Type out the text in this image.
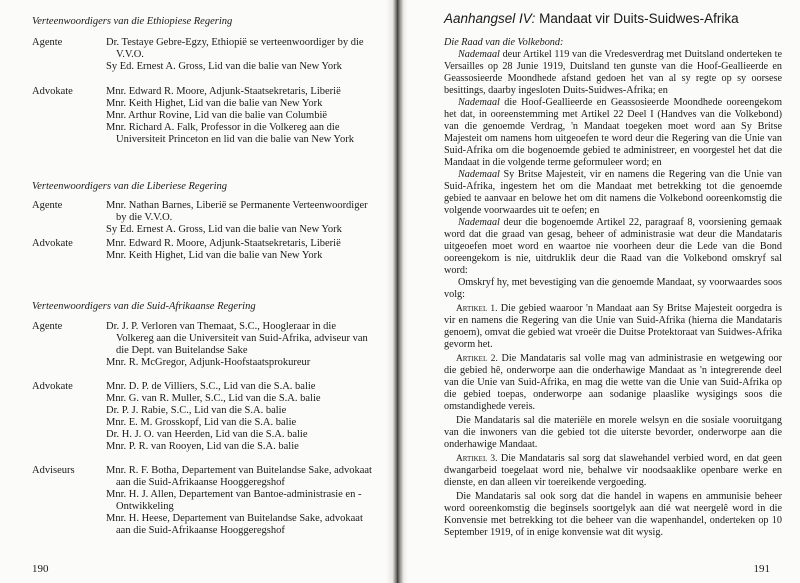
Verteenwoordigers van die Ethiopiese Regering
Agente	Dr. Testaye Gebre-Egzy, Ethiopië se verteenwoordiger by die V.V.O.
Sy Ed. Ernest A. Gross, Lid van die balie van New York
Advokate	Mnr. Edward R. Moore, Adjunk-Staatsekretaris, Liberië
Mnr. Keith Highet, Lid van die balie van New York
Mnr. Arthur Rovine, Lid van die balie van Columbië
Mnr. Richard A. Falk, Professor in die Volkereg aan die Universiteit Princeton en lid van die balie van New York
Verteenwoordigers van die Liberiese Regering
Agente	Mnr. Nathan Barnes, Liberië se Permanente Verteenwoordiger by die V.V.O.
Sy Ed. Ernest A. Gross, Lid van die balie van New York
Advokate	Mnr. Edward R. Moore, Adjunk-Staatsekretaris, Liberië
Mnr. Keith Highet, Lid van die balie van New York
Verteenwoordigers van die Suid-Afrikaanse Regering
Agente	Dr. J. P. Verloren van Themaat, S.C., Hoogleraar in die Volkereg aan die Universiteit van Suid-Afrika, adviseur van die Dept. van Buitelandse Sake
Mnr. R. McGregor, Adjunk-Hoofstaatsprokureur
Advokate	Mnr. D. P. de Villiers, S.C., Lid van die S.A. balie
Mnr. G. van R. Muller, S.C., Lid van die S.A. balie
Dr. P. J. Rabie, S.C., Lid van die S.A. balie
Mnr. E. M. Grosskopf, Lid van die S.A. balie
Dr. H. J. O. van Heerden, Lid van die S.A. balie
Mnr. P. R. van Rooyen, Lid van die S.A. balie
Adviseurs	Mnr. R. F. Botha, Departement van Buitelandse Sake, advokaat aan die Suid-Afrikaanse Hooggeregshof
Mnr. H. J. Allen, Departement van Bantoe-administrasie en -Ontwikkeling
Mnr. H. Heese, Departement van Buitelandse Sake, advokaat aan die Suid-Afrikaanse Hooggeregshof
190
Aanhangsel IV: Mandaat vir Duits-Suidwes-Afrika

Die Raad van die Volkebond:

Nademaal deur Artikel 119 van die Vredesverdrag met Duitsland onderteken te Versailles op 28 Junie 1919, Duitsland ten gunste van die Hoof-Geallieerde en Geassosieerde Moondhede afstand gedoen het van al sy regte op sy oorsese besittings, daarby ingesloten Duits-Suidwes-Afrika; en

Nademaal die Hoof-Geallieerde en Geassosieerde Moondhede ooreengekom het dat, in ooreenstemming met Artikel 22 Deel I (Handves van die Volkebond) van die genoemde Verdrag, 'n Mandaat toegeken moet word aan Sy Britse Majesteit om namens hom uitgeoefen te word deur die Regering van die Unie van Suid-Afrika om die bogenoemde gebied te administreer, en voorgestel het dat die Mandaat in die volgende terme geformuleer word; en

Nademaal Sy Britse Majesteit, vir en namens die Regering van die Unie van Suid-Afrika, ingestem het om die Mandaat met betrekking tot die genoemde gebied te aanvaar en belowe het om dit namens die Volkebond ooreenkomstig die volgende voorwaardes uit te oefen; en

Nademaal deur die bogenoemde Artikel 22, paragraaf 8, voorsiening gemaak word dat die graad van gesag, beheer of administrasie wat deur die Mandataris uitgeoefen moet word en waartoe nie voorheen deur die Lede van die Bond ooreengekom is nie, uitdruklik deur die Raad van die Volkebond omskryf sal word:

Omskryf hy, met bevestiging van die genoemde Mandaat, sy voorwaardes soos volg:

Artikel 1. Die gebied waaroor 'n Mandaat aan Sy Britse Majesteit oorgedra is vir en namens die Regering van die Unie van Suid-Afrika (hierna die Mandataris genoem), omvat die gebied wat vroeër die Duitse Protektoraat van Suidwes-Afrika gevorm het.

Artikel 2. Die Mandataris sal volle mag van administrasie en wetgewing oor die gebied hê, onderworpe aan die onderhawige Mandaat as 'n integrerende deel van die Unie van Suid-Afrika, en mag die wette van die Unie van Suid-Afrika op die gebied toepas, onderworpe aan sodanige plaaslike wysigings soos die omstandighede vereis.

Die Mandataris sal die materiële en morele welsyn en die sosiale vooruitgang van die inwoners van die gebied tot die uiterste bevorder, onderworpe aan die onderhawige Mandaat.

Artikel 3. Die Mandataris sal sorg dat slawehandel verbied word, en dat geen dwangarbeid toegelaat word nie, behalwe vir noodsaaklike openbare werke en dienste, en dan alleen vir toereikende vergoeding.

Die Mandataris sal ook sorg dat die handel in wapens en ammunisie beheer word ooreenkomstig die beginsels soortgelyk aan dié wat neergelê word in die Konvensie met betrekking tot die beheer van die wapenhandel, onderteken op 10 September 1919, of in enige konvensie wat dit wysig.

191
